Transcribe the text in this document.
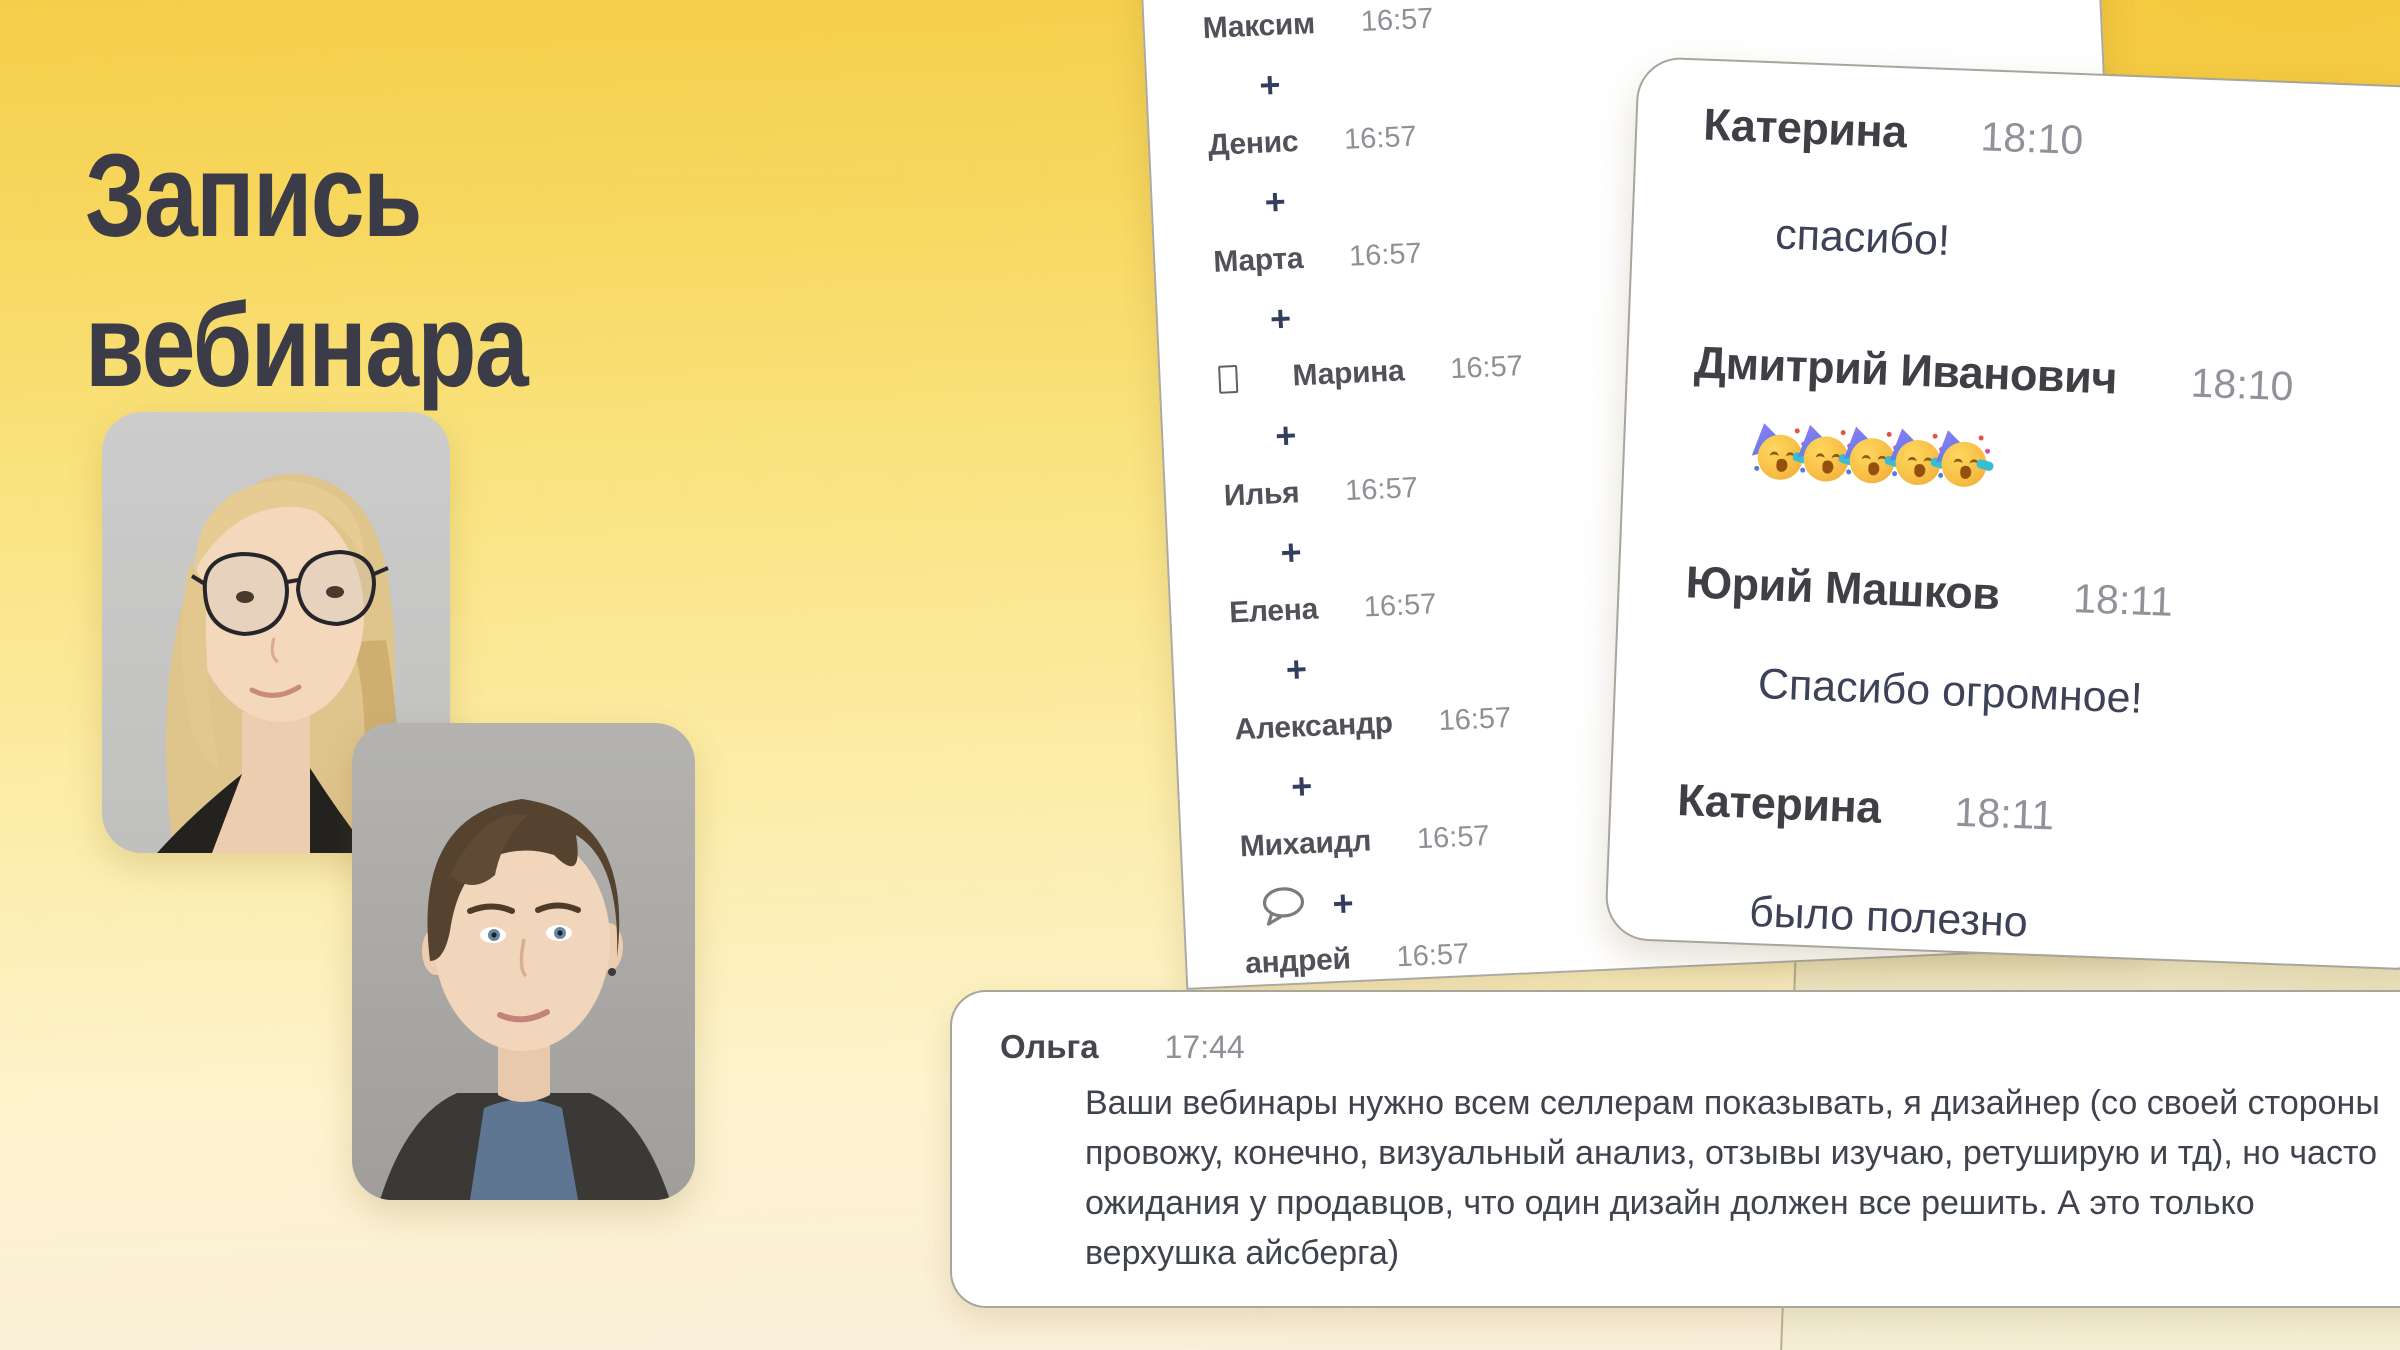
Запись
вебинара
Максим 16:57
+
Денис 16:57
+
Марта 16:57
+
Марина 16:57
+
Илья 16:57
+
Елена 16:57
+
Александр 16:57
+
Михаидл 16:57
+
андрей 16:57
Катерина 18:10
спасибо!
Дмитрий Иванович 18:10
Юрий Машков 18:11
Спасибо огромное!
Катерина 18:11
было полезно
Ольга 17:44
Ваши вебинары нужно всем селлерам показывать, я дизайнер (со своей стороны провожу, конечно, визуальный анализ, отзывы изучаю, ретуширую и тд), но часто ожидания у продавцов, что один дизайн должен все решить. А это только верхушка айсберга)
